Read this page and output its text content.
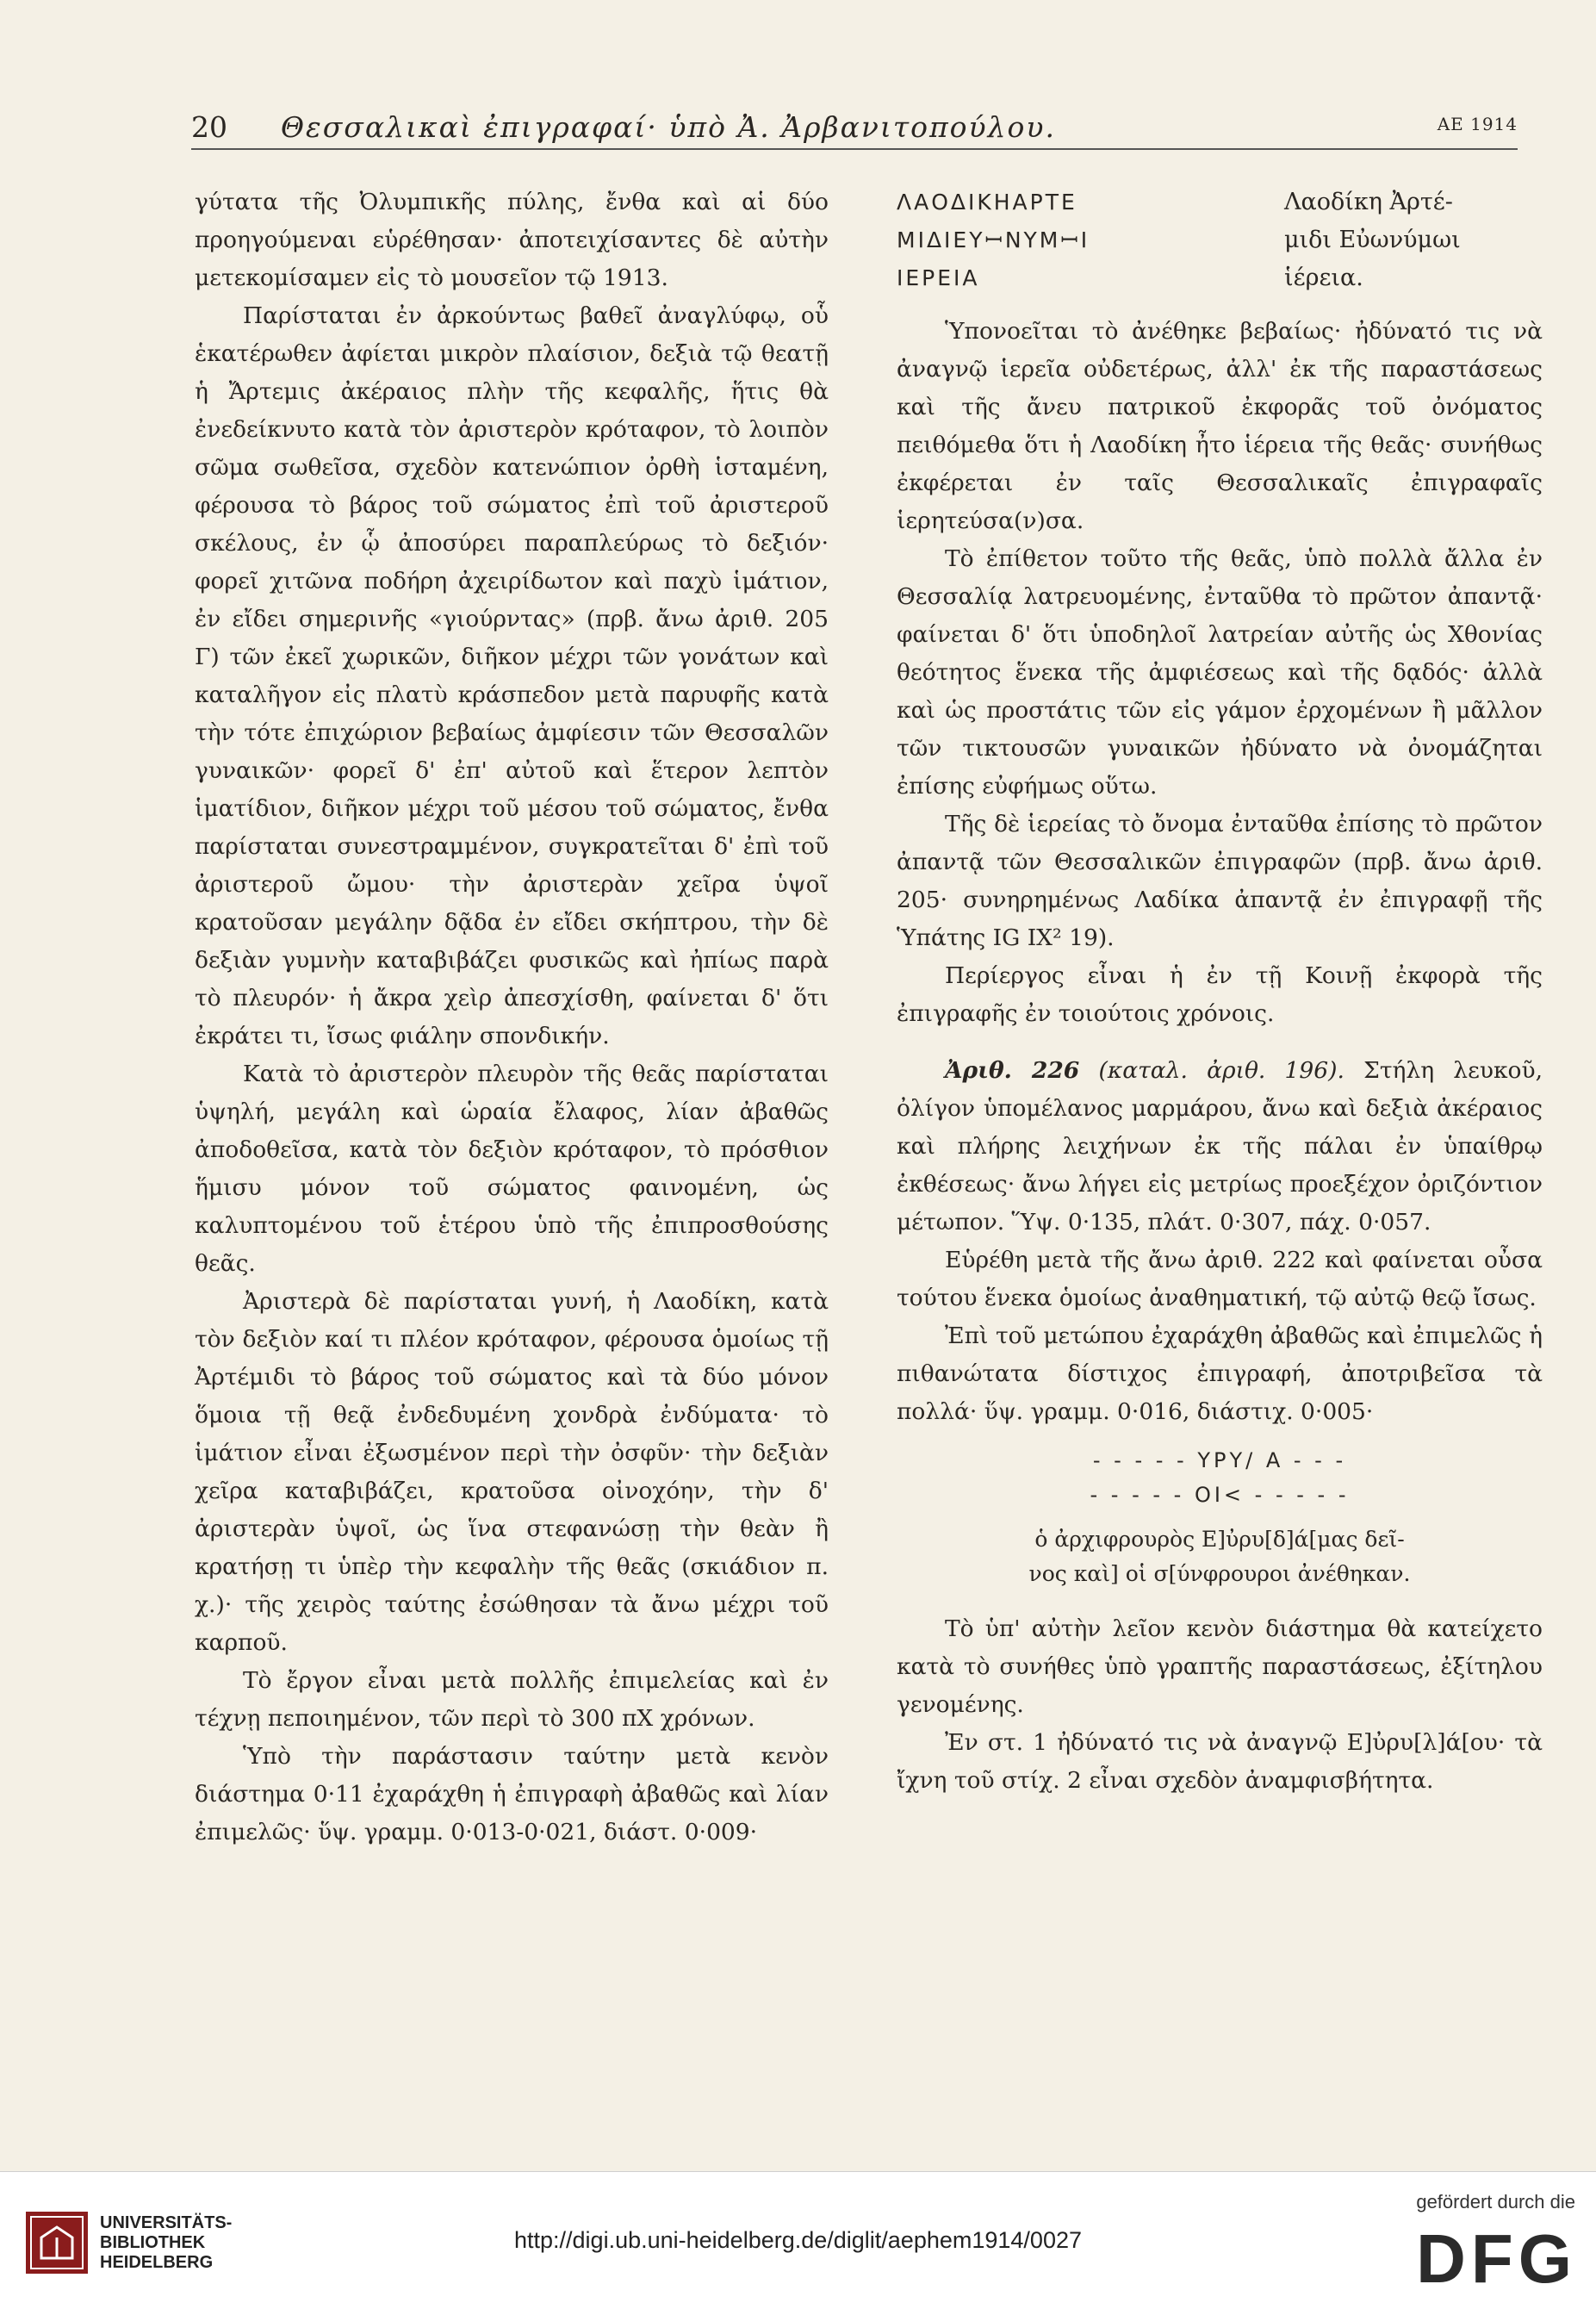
20 Θεσσαλικαὶ ἐπιγραφαί· ὑπὸ Ἀ. Ἀρβανιτοπούλου.	ΑΕ 1914

γύτατα τῆς Ὀλυμπικῆς πύλης, ἔνθα καὶ αἱ δύο προηγούμεναι εὑρέθησαν· ἀποτειχίσαντες δὲ αὐτὴν μετεκομίσαμεν εἰς τὸ μουσεῖον τῷ 1913.

Παρίσταται ἐν ἀρκούντως βαθεῖ ἀναγλύφῳ, οὗ ἑκατέρωθεν ἀφίεται μικρὸν πλαίσιον, δεξιὰ τῷ θεατῇ ἡ Ἄρτεμις ἀκέραιος πλὴν τῆς κεφαλῆς, ἥτις θὰ ἐνεδείκνυτο κατὰ τὸν ἀριστερὸν κρόταφον, τὸ λοιπὸν σῶμα σωθεῖσα, σχεδὸν κατενώπιον ὀρθὴ ἱσταμένη, φέρουσα τὸ βάρος τοῦ σώματος ἐπὶ τοῦ ἀριστεροῦ σκέλους, ἐν ᾧ ἀποσύρει παραπλεύρως τὸ δεξιόν· φορεῖ χιτῶνα ποδήρη ἀχειρίδωτον καὶ παχὺ ἱμάτιον, ἐν εἴδει σημερινῆς «γιούρντας» (πρβ. ἄνω ἀριθ. 205 Γ) τῶν ἐκεῖ χωρικῶν, διῆκον μέχρι τῶν γονάτων καὶ καταλῆγον εἰς πλατὺ κράσπεδον μετὰ παρυφῆς κατὰ τὴν τότε ἐπιχώριον βεβαίως ἀμφίεσιν τῶν Θεσσαλῶν γυναικῶν· φορεῖ δ' ἐπ' αὐτοῦ καὶ ἕτερον λεπτὸν ἱματίδιον, διῆκον μέχρι τοῦ μέσου τοῦ σώματος, ἔνθα παρίσταται συνεστραμμένον, συγκρατεῖται δ' ἐπὶ τοῦ ἀριστεροῦ ὤμου· τὴν ἀριστερὰν χεῖρα ὑψοῖ κρατοῦσαν μεγάλην δᾷδα ἐν εἴδει σκήπτρου, τὴν δὲ δεξιὰν γυμνὴν καταβιβάζει φυσικῶς καὶ ἠπίως παρὰ τὸ πλευρόν· ἡ ἄκρα χεὶρ ἀπεσχίσθη, φαίνεται δ' ὅτι ἐκράτει τι, ἴσως φιάλην σπονδικήν.

Κατὰ τὸ ἀριστερὸν πλευρὸν τῆς θεᾶς παρίσταται ὑψηλή, μεγάλη καὶ ὡραία ἔλαφος, λίαν ἀβαθῶς ἀποδοθεῖσα, κατὰ τὸν δεξιὸν κρόταφον, τὸ πρόσθιον ἥμισυ μόνον τοῦ σώματος φαινομένη, ὡς καλυπτομένου τοῦ ἑτέρου ὑπὸ τῆς ἐπιπροσθούσης θεᾶς.

Ἀριστερὰ δὲ παρίσταται γυνή, ἡ Λαοδίκη, κατὰ τὸν δεξιὸν καί τι πλέον κρόταφον, φέρουσα ὁμοίως τῇ Ἀρτέμιδι τὸ βάρος τοῦ σώματος καὶ τὰ δύο μόνον ὅμοια τῇ θεᾷ ἐνδεδυμένη χονδρὰ ἐνδύματα· τὸ ἱμάτιον εἶναι ἐξωσμένον περὶ τὴν ὀσφῦν· τὴν δεξιὰν χεῖρα καταβιβάζει, κρατοῦσα οἰνοχόην, τὴν δ' ἀριστερὰν ὑψοῖ, ὡς ἵνα στεφανώσῃ τὴν θεὰν ἢ κρατήσῃ τι ὑπὲρ τὴν κεφαλὴν τῆς θεᾶς (σκιάδιον π. χ.)· τῆς χειρὸς ταύτης ἐσώθησαν τὰ ἄνω μέχρι τοῦ καρποῦ.

Τὸ ἔργον εἶναι μετὰ πολλῆς ἐπιμελείας καὶ ἐν τέχνῃ πεποιημένον, τῶν περὶ τὸ 300 πΧ χρόνων.

Ὑπὸ τὴν παράστασιν ταύτην μετὰ κενὸν διάστημα 0·11 ἐχαράχθη ἡ ἐπιγραφὴ ἀβαθῶς καὶ λίαν ἐπιμελῶς· ὕψ. γραμμ. 0·013-0·021, διάστ. 0·009·

ΛΑΟΔΙΚΗΑΡΤΕ
ΜΙΔΙΕΥꟷΝΥΜꟷΙ
ΙΕΡΕΙΑ
Λαοδίκη Ἀρτέ-
μιδι Εὐωνύμωι
ἱέρεια.

Ὑπονοεῖται τὸ ἀνέθηκε βεβαίως· ἠδύνατό τις νὰ ἀναγνῷ ἱερεῖα οὐδετέρως, ἀλλ' ἐκ τῆς παραστάσεως καὶ τῆς ἄνευ πατρικοῦ ἐκφορᾶς τοῦ ὀνόματος πειθόμεθα ὅτι ἡ Λαοδίκη ἦτο ἱέρεια τῆς θεᾶς· συνήθως ἐκφέρεται ἐν ταῖς Θεσσαλικαῖς ἐπιγραφαῖς ἱερητεύσα(ν)σα.

Τὸ ἐπίθετον τοῦτο τῆς θεᾶς, ὑπὸ πολλὰ ἄλλα ἐν Θεσσαλίᾳ λατρευομένης, ἐνταῦθα τὸ πρῶτον ἀπαντᾷ· φαίνεται δ' ὅτι ὑποδηλοῖ λατρείαν αὐτῆς ὡς Χθονίας θεότητος ἕνεκα τῆς ἀμφιέσεως καὶ τῆς δᾳδός· ἀλλὰ καὶ ὡς προστάτις τῶν εἰς γάμον ἐρχομένων ἢ μᾶλλον τῶν τικτουσῶν γυναικῶν ἠδύνατο νὰ ὀνομάζηται ἐπίσης εὐφήμως οὕτω.

Τῆς δὲ ἱερείας τὸ ὄνομα ἐνταῦθα ἐπίσης τὸ πρῶτον ἀπαντᾷ τῶν Θεσσαλικῶν ἐπιγραφῶν (πρβ. ἄνω ἀριθ. 205· συνηρημένως Λαδίκα ἀπαντᾷ ἐν ἐπιγραφῇ τῆς Ὑπάτης IG IX² 19).

Περίεργος εἶναι ἡ ἐν τῇ Κοινῇ ἐκφορὰ τῆς ἐπιγραφῆς ἐν τοιούτοις χρόνοις.

Ἀριθ. 226 (καταλ. ἀριθ. 196). Στήλη λευκοῦ, ὀλίγον ὑπομέλανος μαρμάρου, ἄνω καὶ δεξιὰ ἀκέραιος καὶ πλήρης λειχήνων ἐκ τῆς πάλαι ἐν ὑπαίθρῳ ἐκθέσεως· ἄνω λήγει εἰς μετρίως προεξέχον ὀριζόντιον μέτωπον. Ὕψ. 0·135, πλάτ. 0·307, πάχ. 0·057.

Εὑρέθη μετὰ τῆς ἄνω ἀριθ. 222 καὶ φαίνεται οὖσα τούτου ἕνεκα ὁμοίως ἀναθηματική, τῷ αὐτῷ θεῷ ἴσως.

Ἐπὶ τοῦ μετώπου ἐχαράχθη ἀβαθῶς καὶ ἐπιμελῶς ἡ πιθανώτατα δίστιχος ἐπιγραφή, ἀποτριβεῖσα τὰ πολλά· ὕψ. γραμμ. 0·016, διάστιχ. 0·005·

- - - - - ΥΡΥ/ Α - - -
- - - - - ΟΙ< - - - - -
ὁ ἀρχιφρουρὸς Ε]ὐρυ[δ]ά[μας δεῖ-
νος καὶ] οἱ σ[ύνφρουροι ἀνέθηκαν.

Τὸ ὑπ' αὐτὴν λεῖον κενὸν διάστημα θὰ κατείχετο κατὰ τὸ συνήθες ὑπὸ γραπτῆς παραστάσεως, ἐξίτηλου γενομένης.

Ἐν στ. 1 ἠδύνατό τις νὰ ἀναγνῷ Ε]ὐρυ[λ]ά[ου· τὰ ἴχνη τοῦ στίχ. 2 εἶναι σχεδὸν ἀναμφισβήτητα.

UNIVERSITÄTS-
BIBLIOTHEK
HEIDELBERG
http://digi.ub.uni-heidelberg.de/diglit/aephem1914/0027
gefördert durch die
DFG
